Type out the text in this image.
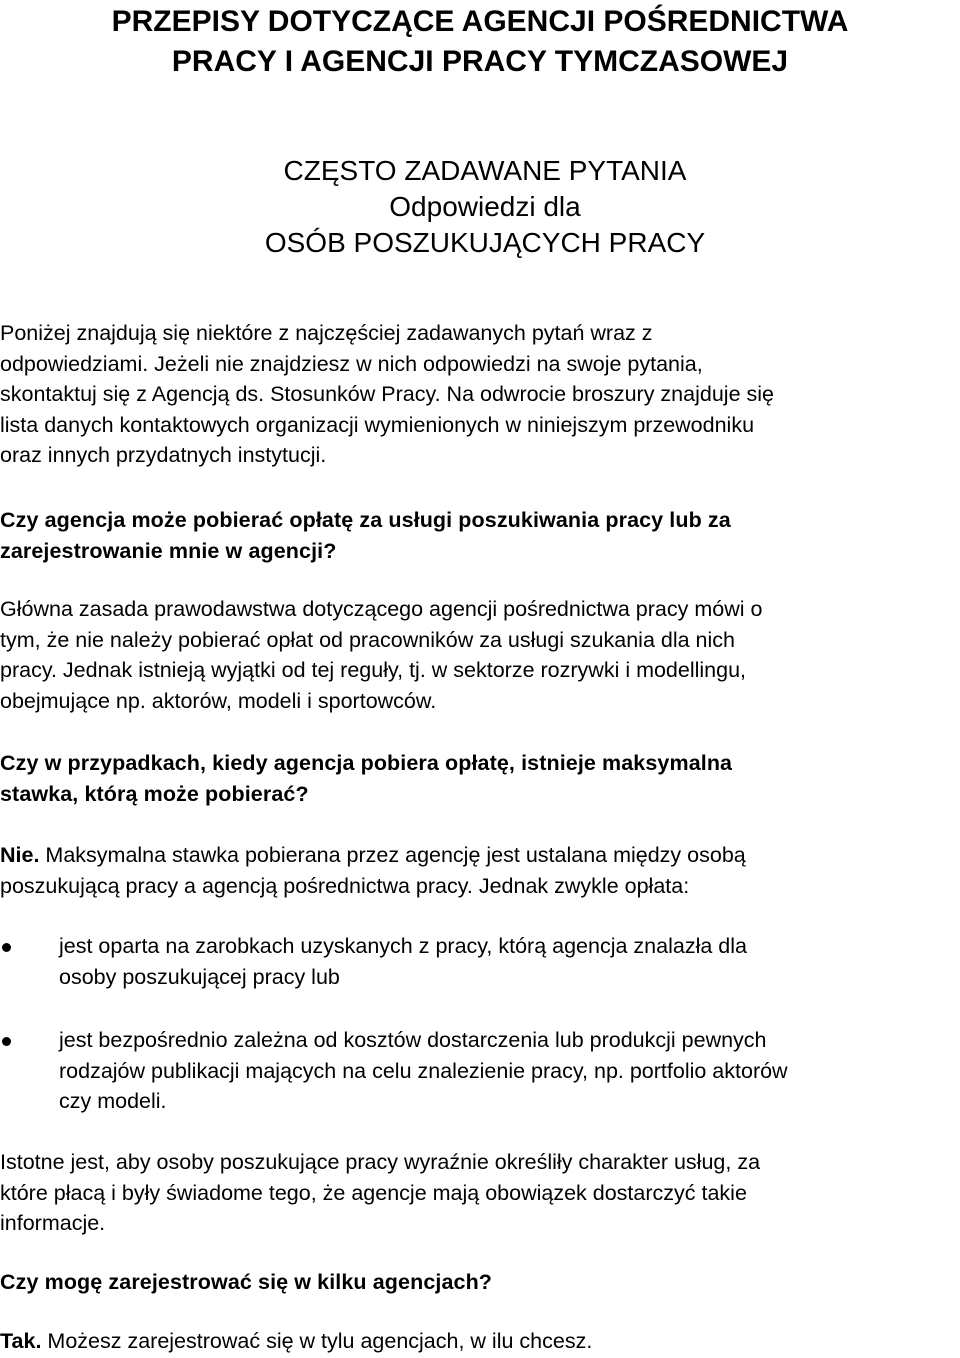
PRZEPISY DOTYCZĄCE AGENCJI POŚREDNICTWA
PRACY I AGENCJI PRACY TYMCZASOWEJ
CZĘSTO ZADAWANE PYTANIA
Odpowiedzi dla
OSÓB POSZUKUJĄCYCH PRACY

Poniżej znajdują się niektóre z najczęściej zadawanych pytań wraz z
odpowiedziami. Jeżeli nie znajdziesz w nich odpowiedzi na swoje pytania,
skontaktuj się z Agencją ds. Stosunków Pracy. Na odwrocie broszury znajduje się
lista danych kontaktowych organizacji wymienionych w niniejszym przewodniku
oraz innych przydatnych instytucji.

Czy agencja może pobierać opłatę za usługi poszukiwania pracy lub za
zarejestrowanie mnie w agencji?

Główna zasada prawodawstwa dotyczącego agencji pośrednictwa pracy mówi o
tym, że nie należy pobierać opłat od pracowników za usługi szukania dla nich
pracy. Jednak istnieją wyjątki od tej reguły, tj. w sektorze rozrywki i modellingu,
obejmujące np. aktorów, modeli i sportowców.

Czy w przypadkach, kiedy agencja pobiera opłatę, istnieje maksymalna
stawka, którą może pobierać?

Nie. Maksymalna stawka pobierana przez agencję jest ustalana między osobą
poszukującą pracy a agencją pośrednictwa pracy. Jednak zwykle opłata:

jest oparta na zarobkach uzyskanych z pracy, którą agencja znalazła dla
osoby poszukującej pracy lub
jest bezpośrednio zależna od kosztów dostarczenia lub produkcji pewnych
rodzajów publikacji mających na celu znalezienie pracy, np. portfolio aktorów
czy modeli.

Istotne jest, aby osoby poszukujące pracy wyraźnie określiły charakter usług, za
które płacą i były świadome tego, że agencje mają obowiązek dostarczyć takie
informacje.

Czy mogę zarejestrować się w kilku agencjach?

Tak. Możesz zarejestrować się w tylu agencjach, w ilu chcesz.
